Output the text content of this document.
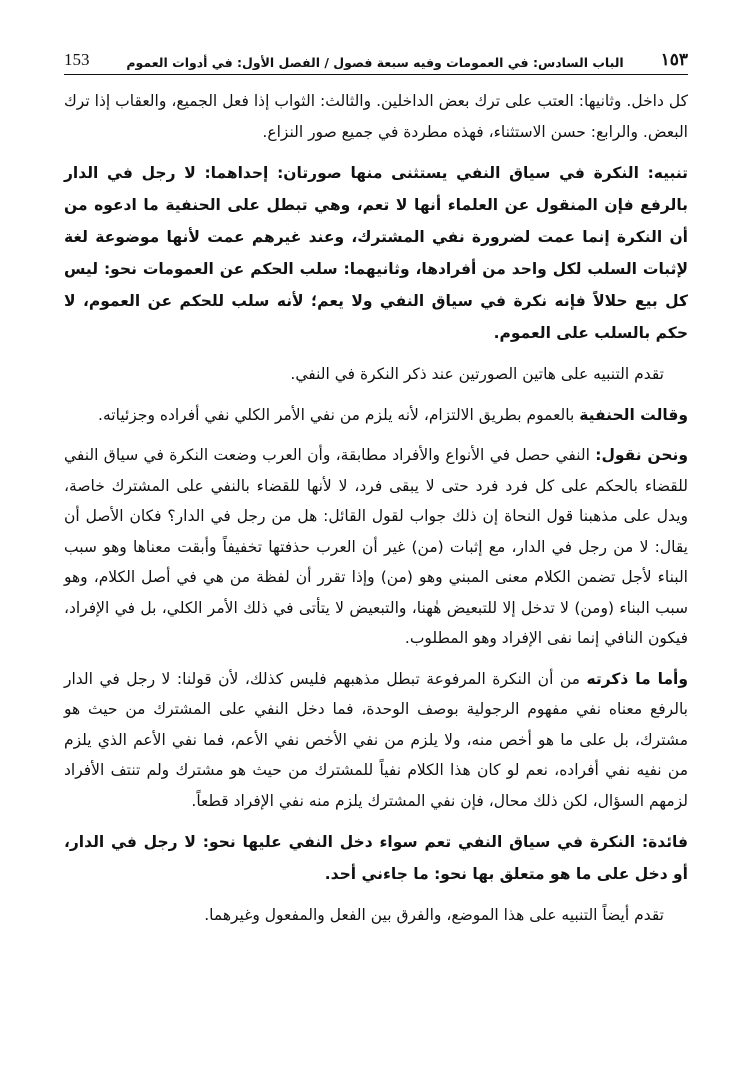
١٥٣
الباب السادس: في العمومات وفيه سبعة فصول / الفصل الأول: في أدوات العموم
153

كل داخل. وثانيها: العتب على ترك بعض الداخلين. والثالث: الثواب إذا فعل الجميع، والعقاب إذا ترك البعض. والرابع: حسن الاستثناء، فهذه مطردة في جميع صور النزاع.

تنبيه: النكرة في سياق النفي يستثنى منها صورتان: إحداهما: لا رجل في الدار بالرفع فإن المنقول عن العلماء أنها لا تعم، وهي تبطل على الحنفية ما ادعوه من أن النكرة إنما عمت لضرورة نفي المشترك، وعند غيرهم عمت لأنها موضوعة لغة لإثبات السلب لكل واحد من أفرادها، وثانيهما: سلب الحكم عن العمومات نحو: ليس كل بيع حلالاً فإنه نكرة في سياق النفي ولا يعم؛ لأنه سلب للحكم عن العموم، لا حكم بالسلب على العموم.

تقدم التنبيه على هاتين الصورتين عند ذكر النكرة في النفي.

وقالت الحنفية بالعموم بطريق الالتزام، لأنه يلزم من نفي الأمر الكلي نفي أفراده وجزئياته.

ونحن نقول: النفي حصل في الأنواع والأفراد مطابقة، وأن العرب وضعت النكرة في سياق النفي للقضاء بالحكم على كل فرد فرد حتى لا يبقى فرد، لا لأنها للقضاء بالنفي على المشترك خاصة، ويدل على مذهبنا قول النحاة إن ذلك جواب لقول القائل: هل من رجل في الدار؟ فكان الأصل أن يقال: لا من رجل في الدار، مع إثبات (من) غير أن العرب حذفتها تخفيفاً وأبقت معناها وهو سبب البناء لأجل تضمن الكلام معنى المبني وهو (من) وإذا تقرر أن لفظة من هي في أصل الكلام، وهو سبب البناء (ومن) لا تدخل إلا للتبعيض هٰهنا، والتبعيض لا يتأتى في ذلك الأمر الكلي، بل في الإفراد، فيكون النافي إنما نفى الإفراد وهو المطلوب.

وأما ما ذكرته من أن النكرة المرفوعة تبطل مذهبهم فليس كذلك، لأن قولنا: لا رجل في الدار بالرفع معناه نفي مفهوم الرجولية بوصف الوحدة، فما دخل النفي على المشترك من حيث هو مشترك، بل على ما هو أخص منه، ولا يلزم من نفي الأخص نفي الأعم، فما نفي الأعم الذي يلزم من نفيه نفي أفراده، نعم لو كان هذا الكلام نفياً للمشترك من حيث هو مشترك ولم تنتف الأفراد لزمهم السؤال، لكن ذلك محال، فإن نفي المشترك يلزم منه نفي الإفراد قطعاً.

فائدة: النكرة في سياق النفي تعم سواء دخل النفي عليها نحو: لا رجل في الدار، أو دخل على ما هو متعلق بها نحو: ما جاءني أحد.

تقدم أيضاً التنبيه على هذا الموضع، والفرق بين الفعل والمفعول وغيرهما.
